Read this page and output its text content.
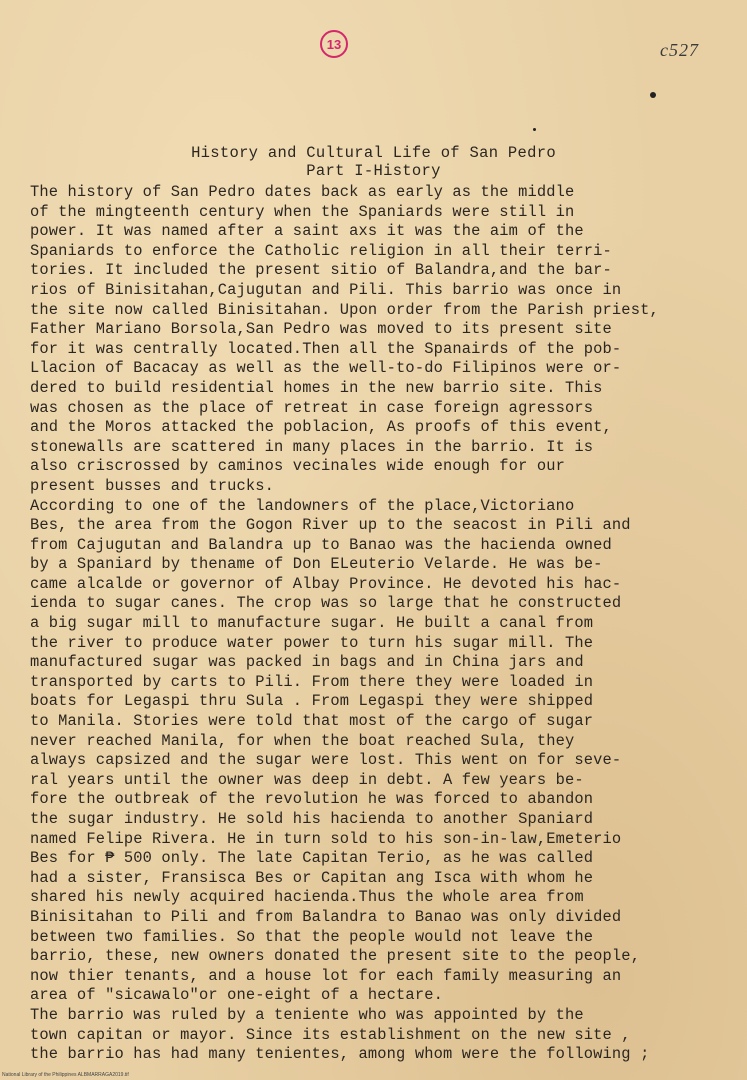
13	c527
History and Cultural Life of San Pedro
Part I-History
The history of San Pedro dates back as early as the middle
of the mingteenth century when the Spaniards were still in
power. It was named after a saint axs it was the aim of the
Spaniards to enforce the Catholic religion in all their terri-
tories. It included the present sitio of Balandra,and the bar-
rios of Binisitahan,Cajugutan and Pili. This barrio was once in
the site now called Binisitahan. Upon order from the Parish priest,
Father Mariano Borsola,San Pedro was moved to its present site
for it was centrally located.Then all the Spanairds of the pob-
Llacion of Bacacay as well as the well-to-do Filipinos were or-
dered to build residential homes in the new barrio site. This
was chosen as the place of retreat in case foreign agressors
and the Moros attacked the poblacion, As proofs of this event,
stonewalls are scattered in many places in the barrio. It is
also criscrossed by caminos vecinales wide enough for our
present busses and trucks.
According to one of the landowners of the place,Victoriano
Bes, the area from the Gogon River up to the seacost in Pili and
from Cajugutan and Balandra up to Banao was the hacienda owned
by a Spaniard by thename of Don ELeuterio Velarde. He was be-
came alcalde or governor of Albay Province. He devoted his hac-
ienda to sugar canes. The crop was so large that he constructed
a big sugar mill to manufacture sugar. He built a canal from
the river to produce water power to turn his sugar mill. The
manufactured sugar was packed in bags and in China jars and
transported by carts to Pili. From there they were loaded in
boats for Legaspi thru Sula . From Legaspi they were shipped
to Manila. Stories were told that most of the cargo of sugar
never reached Manila, for when the boat reached Sula, they
always capsized and the sugar were lost. This went on for seve-
ral years until the owner was deep in debt. A few years be-
fore the outbreak of the revolution he was forced to abandon
the sugar industry. He sold his hacienda to another Spaniard
named Felipe Rivera. He in turn sold to his son-in-law,Emeterio
Bes for ₱ 500 only. The late Capitan Terio, as he was called
had a sister, Fransisca Bes or Capitan ang Isca with whom he
shared his newly acquired hacienda.Thus the whole area from
Binisitahan to Pili and from Balandra to Banao was only divided
between two families. So that the people would not leave the
barrio, these, new owners donated the present site to the people,
now thier tenants, and a house lot for each family measuring an
area of "sicawalo"or one-eight of a hectare.
The barrio was ruled by a teniente who was appointed by the
town capitan or mayor. Since its establishment on the new site ,
the barrio has had many tenientes, among whom were the following ;
National Library of the Philippines ALBMARRAGA2019.tif
